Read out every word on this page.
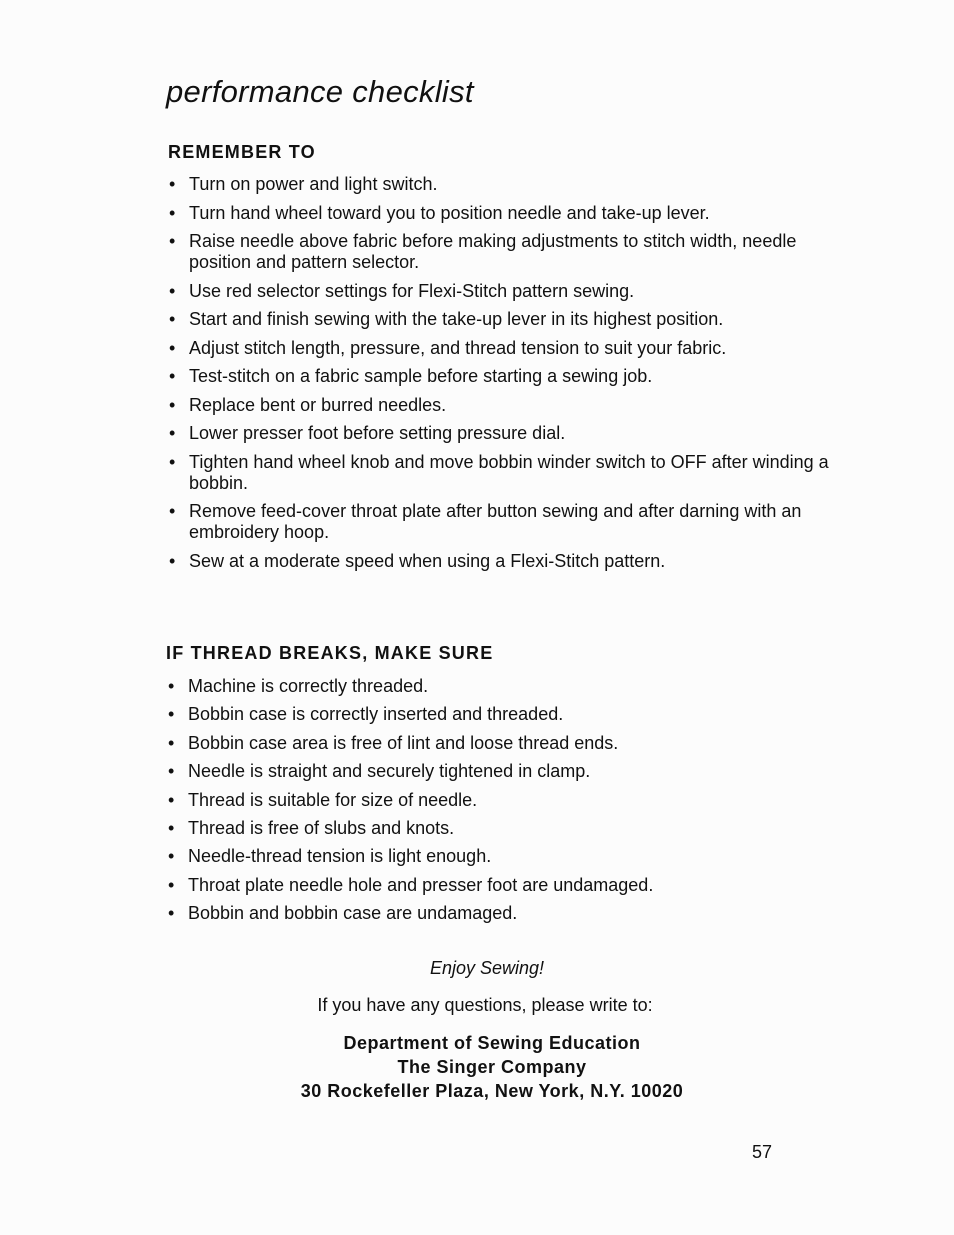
performance checklist
REMEMBER TO
• Turn on power and light switch.
• Turn hand wheel toward you to position needle and take-up lever.
• Raise needle above fabric before making adjustments to stitch width, needle position and pattern selector.
• Use red selector settings for Flexi-Stitch pattern sewing.
• Start and finish sewing with the take-up lever in its highest position.
• Adjust stitch length, pressure, and thread tension to suit your fabric.
• Test-stitch on a fabric sample before starting a sewing job.
• Replace bent or burred needles.
• Lower presser foot before setting pressure dial.
• Tighten hand wheel knob and move bobbin winder switch to OFF after winding a bobbin.
• Remove feed-cover throat plate after button sewing and after darning with an embroidery hoop.
• Sew at a moderate speed when using a Flexi-Stitch pattern.
IF THREAD BREAKS, MAKE SURE
• Machine is correctly threaded.
• Bobbin case is correctly inserted and threaded.
• Bobbin case area is free of lint and loose thread ends.
• Needle is straight and securely tightened in clamp.
• Thread is suitable for size of needle.
• Thread is free of slubs and knots.
• Needle-thread tension is light enough.
• Throat plate needle hole and presser foot are undamaged.
• Bobbin and bobbin case are undamaged.
Enjoy Sewing!
If you have any questions, please write to:
Department of Sewing Education
The Singer Company
30 Rockefeller Plaza, New York, N.Y. 10020
57
